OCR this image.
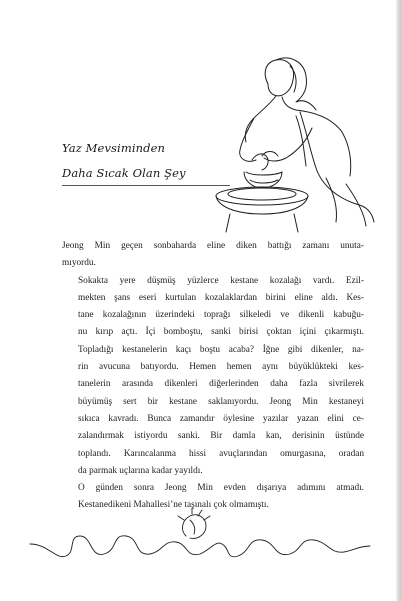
Yaz Mevsiminden
Daha Sıcak Olan Şey

Jeong Min geçen sonbaharda eline diken battığı zamanı unuta-
mıyordu.

Sokakta yere düşmüş yüzlerce kestane kozalağı vardı. Ezil-
mekten şans eseri kurtulan kozalaklardan birini eline aldı. Kes-
tane kozalağının üzerindeki toprağı silkeledi ve dikenli kabuğu-
nu kırıp açtı. İçi bomboştu, sanki birisi çoktan içini çıkarmıştı.
Topladığı kestanelerin kaçı boştu acaba? İğne gibi dikenler, na-
rin avucuna batıyordu. Hemen hemen aynı büyüklükteki kes-
tanelerin arasında dikenleri diğerlerinden daha fazla sivrilerek
büyümüş sert bir kestane saklanıyordu. Jeong Min kestaneyi
sıkıca kavradı. Bunca zamandır öylesine yazılar yazan elini ce-
zalandırmak istiyordu sanki. Bir damla kan, derisinin üstünde
toplandı. Karıncalanma hissi avuçlarından omurgasına, oradan
da parmak uçlarına kadar yayıldı.

O günden sonra Jeong Min evden dışarıya adımını atmadı.
Kestanedikeni Mahallesi’ne taşınalı çok olmamıştı.
